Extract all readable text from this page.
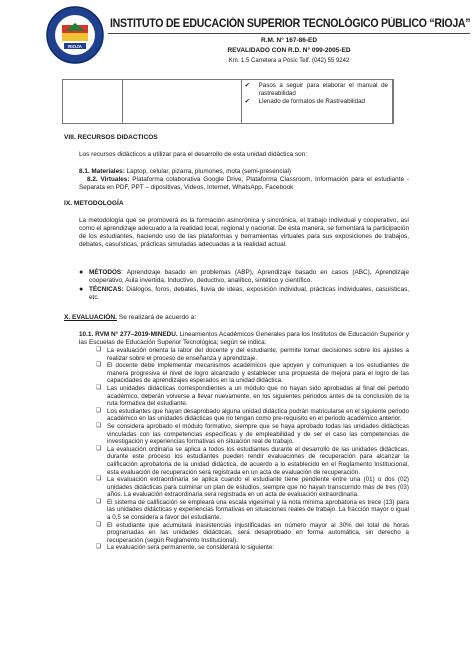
RIOJA
INSTITUTO DE EDUCACIÓN SUPERIOR TECNOLÓGICO PÚBLICO “RIOJA”
R.M. N° 167-86-ED
REVALIDADO CON R.D. N° 099-2005-ED
Km. 1.5 Carretera a Pósic Telf. (042) 55 9242

✔	Pasos a seguir para elaborar el manual de rastreabilidad
✔	Llenado de formatos de Rastreabilidad

VIII. RECURSOS DIDACTICOS
Los recursos didácticos a utilizar para el desarrollo de esta unidad didáctica son:
8.1. Materiales: Laptop, celular, pizarra, plumones, mota (semi-presencial)
8.2. Virtuales: Plataforma colaborativa Google Drive, Plataforma Classroom, Información para el estudiante - Separata en PDF, PPT – dipositivas, Videos, Internet, WhatsApp, Facebook
IX. METODOLOGÍA
La metodología que se promoverá es la formación asincrónica y sincrónica, el trabajo individual y cooperativo, así como el aprendizaje adecuado a la realidad local, regional y nacional. De esta manera, se fomentará la participación de los estudiantes, haciendo uso de las plataformas y herramientas virtuales para sus exposiciones de trabajos, debates, casuísticas, prácticas simuladas adecuadas a la realidad actual.
● MÉTODOS: Aprendizaje basado en problemas (ABP), Aprendizaje basado en casos (ABC), Aprendizaje cooperativo, Aula invertida, Inductivo, deductivo, analítico, sintético y científico.
● TÉCNICAS: Diálogos, foros, debates, lluvia de ideas, exposición individual, prácticas individuales, casuísticas, etc.
X. EVALUACIÓN. Se realizará de acuerdo a:
10.1. RVM N° 277–2019-MINEDU. Lineamientos Académicos Generales para los Institutos de Educación Superior y las Escuelas de Educación Superior Tecnológica; según se indica:
❑ La evaluación orienta la labor del docente y del estudiante, permite tomar decisiones sobre los ajustes a realizar sobre el proceso de enseñanza y aprendizaje.
❑ El docente debe implementar mecanismos académicos que apoyen y comuniquen a los estudiantes de manera progresiva el nivel de logro alcanzado y establecer una propuesta de mejora para el logro de las capacidades de aprendizajes esperados en la unidad didáctica.
❑ Las unidades didácticas correspondientes a un módulo que no hayan sido aprobadas al final del periodo académico, deberán volverse a llevar nuevamente, en los siguientes periodos antes de la conclusión de la ruta formativa del estudiante.
❑ Los estudiantes que hayan desaprobado alguna unidad didáctica podrán matricularse en el siguiente periodo académico en las unidades didácticas que no tengan como pre-requisito en el periodo académico anterior.
❑ Se considera aprobado el módulo formativo, siempre que se haya aprobado todas las unidades didácticas vinculadas con las competencias específicas y de empleabilidad y de ser el caso las competencias de investigación y experiencias formativas en situación real de trabajo.
❑ La evaluación ordinaria se aplica a todos los estudiantes durante el desarrollo de las unidades didácticas, durante este proceso los estudiantes pueden rendir evaluaciones de recuperación para alcanzar la calificación aprobatoria de la unidad didáctica, de acuerdo a lo establecido en el Reglamento Institucional, esta evaluación de recuperación será registrada en un acta de evaluación de recuperación.
❑ La evaluación extraordinaria se aplica cuando el estudiante tiene pendiente entre una (01) o dos (02) unidades didácticas para culminar un plan de estudios, siempre que no hayan transcurrido más de tres (03) años. La evaluación extraordinaria será registrada en un acta de evaluación extraordinaria.
❑ El sistema de calificación se empleará una escala vigesimal y la nota mínima aprobatoria es trece (13) para las unidades didácticas y experiencias formativas en situaciones reales de trabajo. La fracción mayor o igual a 0,5 se considera a favor del estudiante.
❑ El estudiante que acumulará inasistencias injustificadas en número mayor al 30% del total de horas programadas en las unidades didácticas, será desaprobado en forma automática, sin derecho a recuperación (según Reglamento Institucional).
❑ La evaluación será permanente, se considerará lo siguiente:
